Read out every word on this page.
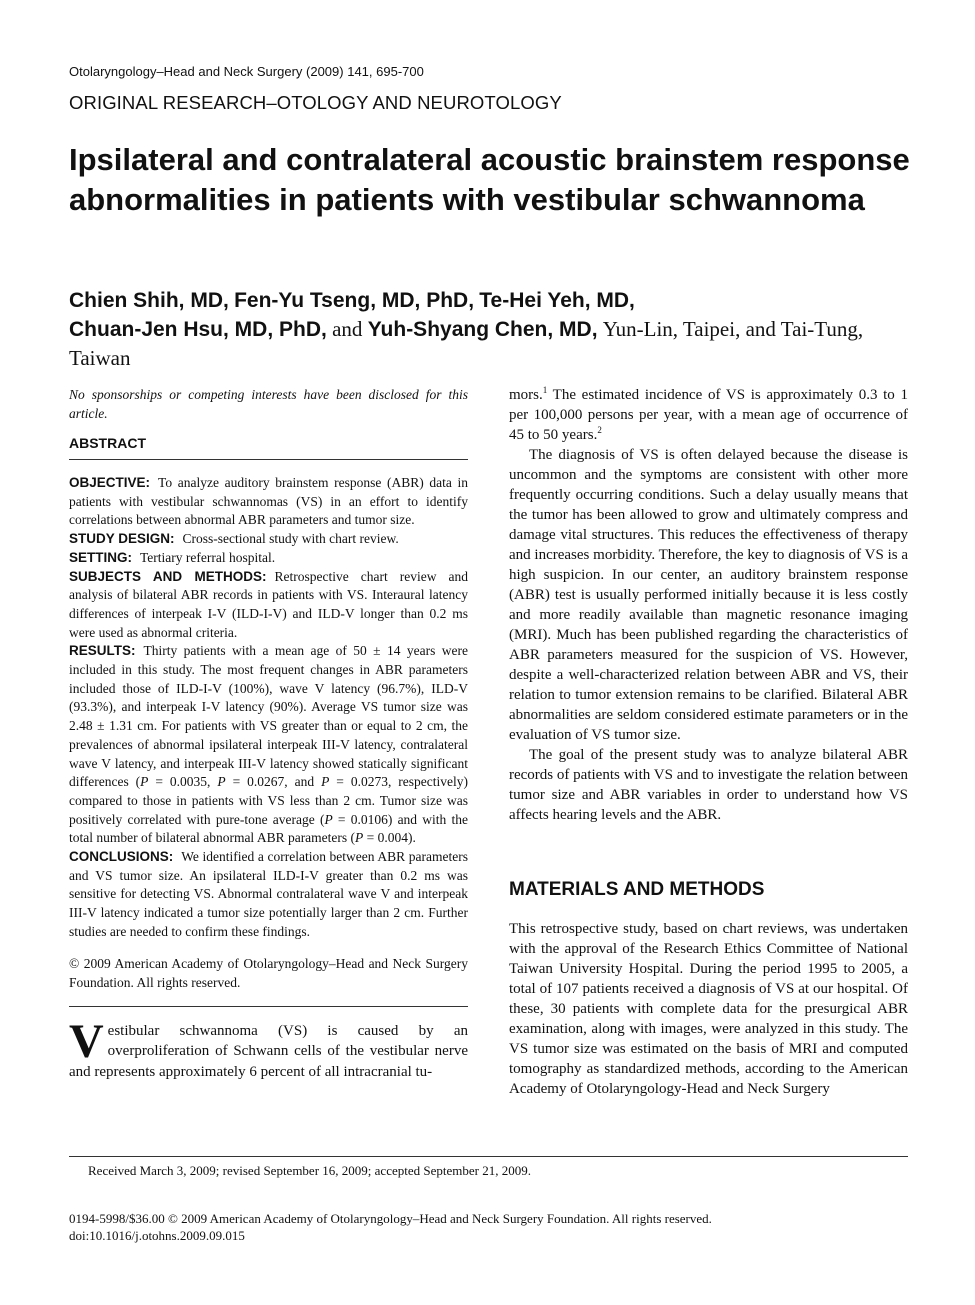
Otolaryngology–Head and Neck Surgery (2009) 141, 695-700
ORIGINAL RESEARCH–OTOLOGY AND NEUROTOLOGY
Ipsilateral and contralateral acoustic brainstem response abnormalities in patients with vestibular schwannoma
Chien Shih, MD, Fen-Yu Tseng, MD, PhD, Te-Hei Yeh, MD,
Chuan-Jen Hsu, MD, PhD, and Yuh-Shyang Chen, MD, Yun-Lin, Taipei, and Tai-Tung, Taiwan

No sponsorships or competing interests have been disclosed for this article.

ABSTRACT

OBJECTIVE: To analyze auditory brainstem response (ABR) data in patients with vestibular schwannomas (VS) in an effort to identify correlations between abnormal ABR parameters and tumor size.

STUDY DESIGN: Cross-sectional study with chart review.

SETTING: Tertiary referral hospital.

SUBJECTS AND METHODS: Retrospective chart review and analysis of bilateral ABR records in patients with VS. Interaural latency differences of interpeak I-V (ILD-I-V) and ILD-V longer than 0.2 ms were used as abnormal criteria.

RESULTS: Thirty patients with a mean age of 50 ± 14 years were included in this study. The most frequent changes in ABR parameters included those of ILD-I-V (100%), wave V latency (96.7%), ILD-V (93.3%), and interpeak I-V latency (90%). Average VS tumor size was 2.48 ± 1.31 cm. For patients with VS greater than or equal to 2 cm, the prevalences of abnormal ipsilateral interpeak III-V latency, contralateral wave V latency, and interpeak III-V latency showed statically significant differences (P = 0.0035, P = 0.0267, and P = 0.0273, respectively) compared to those in patients with VS less than 2 cm. Tumor size was positively correlated with pure-tone average (P = 0.0106) and with the total number of bilateral abnormal ABR parameters (P = 0.004).

CONCLUSIONS: We identified a correlation between ABR parameters and VS tumor size. An ipsilateral ILD-I-V greater than 0.2 ms was sensitive for detecting VS. Abnormal contralateral wave V and interpeak III-V latency indicated a tumor size potentially larger than 2 cm. Further studies are needed to confirm these findings.

© 2009 American Academy of Otolaryngology–Head and Neck Surgery Foundation. All rights reserved.

Vestibular schwannoma (VS) is caused by an overproliferation of Schwann cells of the vestibular nerve and represents approximately 6 percent of all intracranial tu-

mors.$^1$ The estimated incidence of VS is approximately 0.3 to 1 per 100,000 persons per year, with a mean age of occurrence of 45 to 50 years.$^2$

The diagnosis of VS is often delayed because the disease is uncommon and the symptoms are consistent with other more frequently occurring conditions. Such a delay usually means that the tumor has been allowed to grow and ultimately compress and damage vital structures. This reduces the effectiveness of therapy and increases morbidity. Therefore, the key to diagnosis of VS is a high suspicion. In our center, an auditory brainstem response (ABR) test is usually performed initially because it is less costly and more readily available than magnetic resonance imaging (MRI). Much has been published regarding the characteristics of ABR parameters measured for the suspicion of VS. However, despite a well-characterized relation between ABR and VS, their relation to tumor extension remains to be clarified. Bilateral ABR abnormalities are seldom considered estimate parameters or in the evaluation of VS tumor size.

The goal of the present study was to analyze bilateral ABR records of patients with VS and to investigate the relation between tumor size and ABR variables in order to understand how VS affects hearing levels and the ABR.

MATERIALS AND METHODS

This retrospective study, based on chart reviews, was undertaken with the approval of the Research Ethics Committee of National Taiwan University Hospital. During the period 1995 to 2005, a total of 107 patients received a diagnosis of VS at our hospital. Of these, 30 patients with complete data for the presurgical ABR examination, along with images, were analyzed in this study. The VS tumor size was estimated on the basis of MRI and computed tomography as standardized methods, according to the American Academy of Otolaryngology-Head and Neck Surgery

Received March 3, 2009; revised September 16, 2009; accepted September 21, 2009.
0194-5998/$36.00 © 2009 American Academy of Otolaryngology–Head and Neck Surgery Foundation. All rights reserved.
doi:10.1016/j.otohns.2009.09.015
